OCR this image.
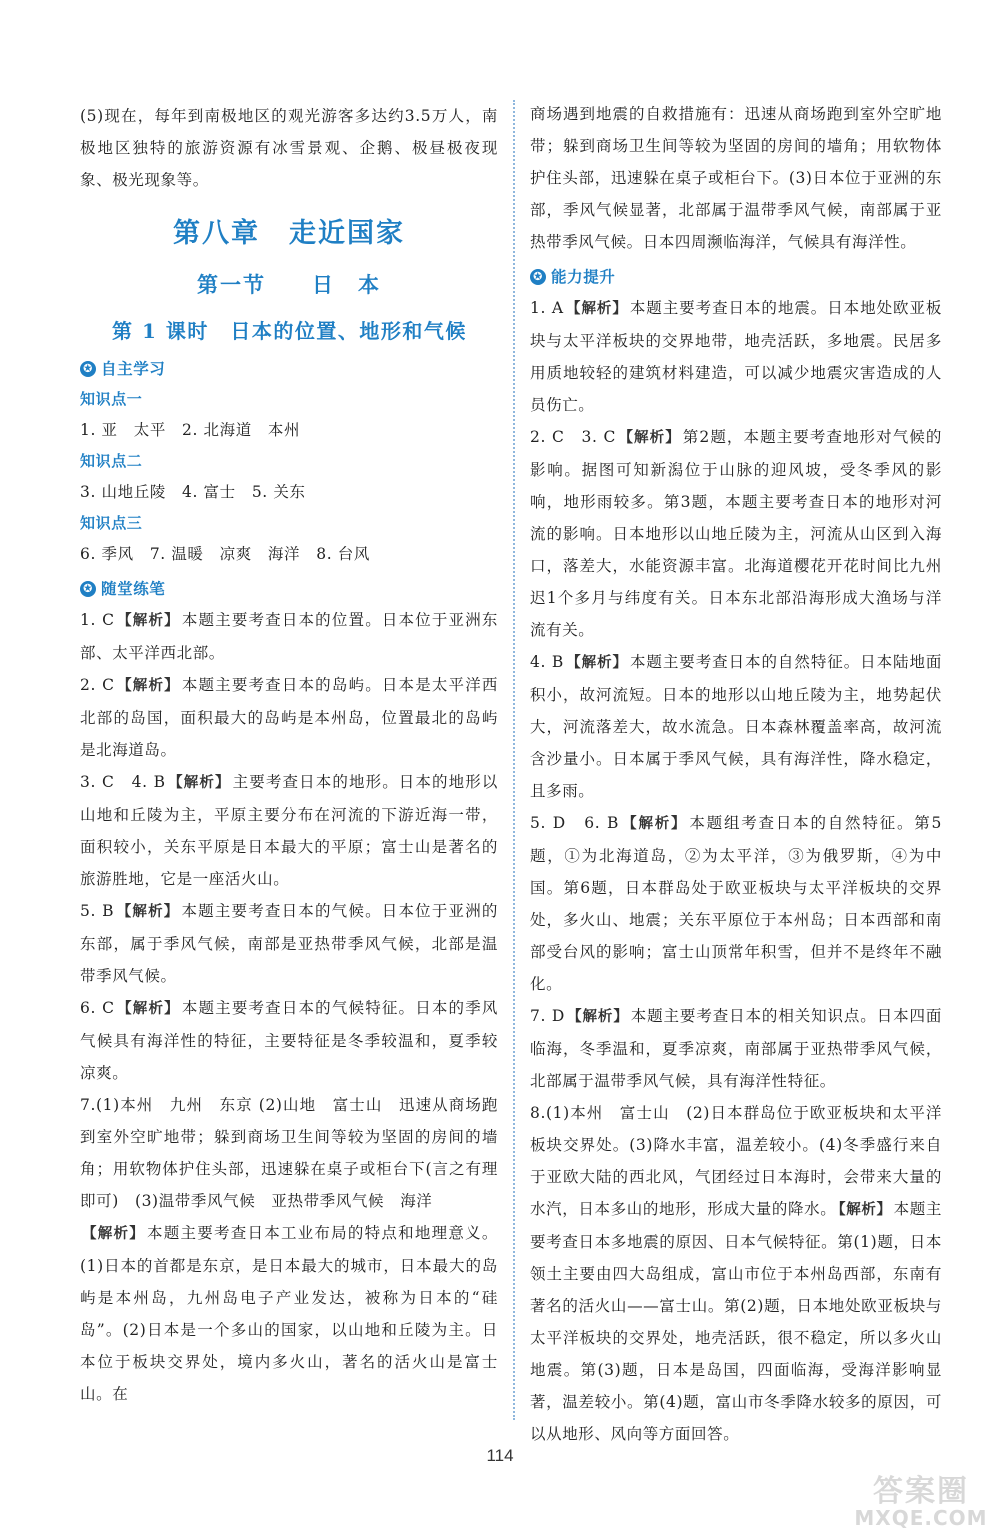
(5)现在，每年到南极地区的观光游客多达约3.5万人，南极地区独特的旅游资源有冰雪景观、企鹅、极昼极夜现象、极光现象等。

第八章　走近国家
第一节　　日　本
第 1 课时　日本的位置、地形和气候
✪ 自主学习
知识点一

1. 亚　太平　2. 北海道　本州

知识点二

3. 山地丘陵　4. 富士　5. 关东

知识点三

6. 季风　7. 温暖　凉爽　海洋　8. 台风

✪ 随堂练笔

1. C 【解析】 本题主要考查日本的位置。日本位于亚洲东部、太平洋西北部。

2. C 【解析】 本题主要考查日本的岛屿。日本是太平洋西北部的岛国，面积最大的岛屿是本州岛，位置最北的岛屿是北海道岛。

3. C　4. B 【解析】 主要考查日本的地形。日本的地形以山地和丘陵为主，平原主要分布在河流的下游近海一带，面积较小，关东平原是日本最大的平原；富士山是著名的旅游胜地，它是一座活火山。

5. B 【解析】 本题主要考查日本的气候。日本位于亚洲的东部，属于季风气候，南部是亚热带季风气候，北部是温带季风气候。

6. C 【解析】 本题主要考查日本的气候特征。日本的季风气候具有海洋性的特征，主要特征是冬季较温和，夏季较凉爽。

7.(1)本州　九州　东京 (2)山地　富士山　迅速从商场跑到室外空旷地带；躲到商场卫生间等较为坚固的房间的墙角；用软物体护住头部，迅速躲在桌子或柜台下(言之有理即可)　(3)温带季风气候　亚热带季风气候　海洋

【解析】 本题主要考查日本工业布局的特点和地理意义。(1)日本的首都是东京，是日本最大的城市，日本最大的岛屿是本州岛，九州岛电子产业发达，被称为日本的“硅岛”。(2)日本是一个多山的国家，以山地和丘陵为主。日本位于板块交界处，境内多火山，著名的活火山是富士山。在

商场遇到地震的自救措施有：迅速从商场跑到室外空旷地带；躲到商场卫生间等较为坚固的房间的墙角；用软物体护住头部，迅速躲在桌子或柜台下。(3)日本位于亚洲的东部，季风气候显著，北部属于温带季风气候，南部属于亚热带季风气候。日本四周濒临海洋，气候具有海洋性。

✪ 能力提升

1. A 【解析】 本题主要考查日本的地震。日本地处欧亚板块与太平洋板块的交界地带，地壳活跃，多地震。民居多用质地较轻的建筑材料建造，可以减少地震灾害造成的人员伤亡。

2. C　3. C 【解析】 第2题，本题主要考查地形对气候的影响。据图可知新潟位于山脉的迎风坡，受冬季风的影响，地形雨较多。第3题，本题主要考查日本的地形对河流的影响。日本地形以山地丘陵为主，河流从山区到入海口，落差大，水能资源丰富。北海道樱花开花时间比九州迟1个多月与纬度有关。日本东北部沿海形成大渔场与洋流有关。

4. B 【解析】 本题主要考查日本的自然特征。日本陆地面积小，故河流短。日本的地形以山地丘陵为主，地势起伏大，河流落差大，故水流急。日本森林覆盖率高，故河流含沙量小。日本属于季风气候，具有海洋性，降水稳定，且多雨。

5. D　6. B 【解析】 本题组考查日本的自然特征。第5题，①为北海道岛，②为太平洋，③为俄罗斯，④为中国。第6题，日本群岛处于欧亚板块与太平洋板块的交界处，多火山、地震；关东平原位于本州岛；日本西部和南部受台风的影响；富士山顶常年积雪，但并不是终年不融化。

7. D 【解析】 本题主要考查日本的相关知识点。日本四面临海，冬季温和，夏季凉爽，南部属于亚热带季风气候，北部属于温带季风气候，具有海洋性特征。

8.(1)本州　富士山　(2)日本群岛位于欧亚板块和太平洋板块交界处。(3)降水丰富，温差较小。(4)冬季盛行来自于亚欧大陆的西北风，气团经过日本海时，会带来大量的水汽，日本多山的地形，形成大量的降水。 【解析】 本题主要考查日本多地震的原因、日本气候特征。第(1)题，日本领土主要由四大岛组成，富山市位于本州岛西部，东南有著名的活火山——富士山。第(2)题，日本地处欧亚板块与太平洋板块的交界处，地壳活跃，很不稳定，所以多火山地震。第(3)题，日本是岛国，四面临海，受海洋影响显著，温差较小。第(4)题，富山市冬季降水较多的原因，可以从地形、风向等方面回答。

114
答案圈
MXQE.COM
